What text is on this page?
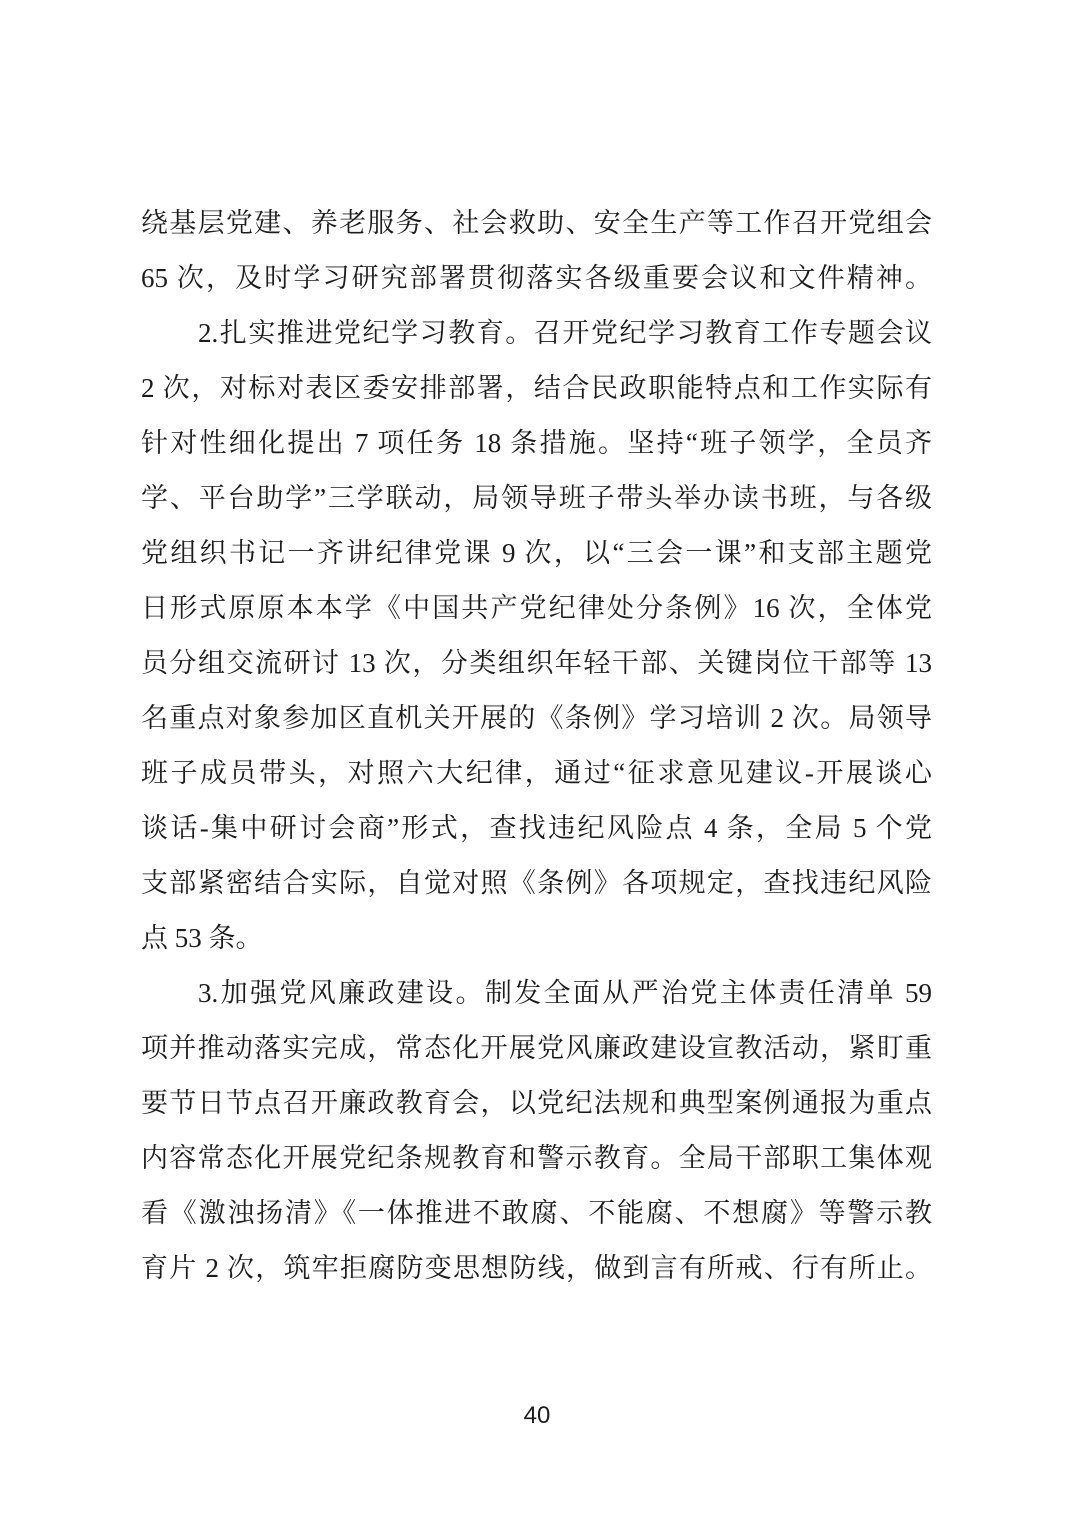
绕基层党建、养老服务、社会救助、安全生产等工作召开党组会
65 次，及时学习研究部署贯彻落实各级重要会议和文件精神。
2.扎实推进党纪学习教育。召开党纪学习教育工作专题会议
2 次，对标对表区委安排部署，结合民政职能特点和工作实际有
针对性细化提出 7 项任务 18 条措施。坚持“班子领学，全员齐
学、平台助学”三学联动，局领导班子带头举办读书班，与各级
党组织书记一齐讲纪律党课 9 次，以“三会一课”和支部主题党
日形式原原本本学《中国共产党纪律处分条例》16 次，全体党
员分组交流研讨 13 次，分类组织年轻干部、关键岗位干部等 13
名重点对象参加区直机关开展的《条例》学习培训 2 次。局领导
班子成员带头，对照六大纪律，通过“征求意见建议-开展谈心
谈话-集中研讨会商”形式，查找违纪风险点 4 条，全局 5 个党
支部紧密结合实际，自觉对照《条例》各项规定，查找违纪风险
点 53 条。
3.加强党风廉政建设。制发全面从严治党主体责任清单 59
项并推动落实完成，常态化开展党风廉政建设宣教活动，紧盯重
要节日节点召开廉政教育会，以党纪法规和典型案例通报为重点
内容常态化开展党纪条规教育和警示教育。全局干部职工集体观
看《激浊扬清》《一体推进不敢腐、不能腐、不想腐》等警示教
育片 2 次，筑牢拒腐防变思想防线，做到言有所戒、行有所止。
40
